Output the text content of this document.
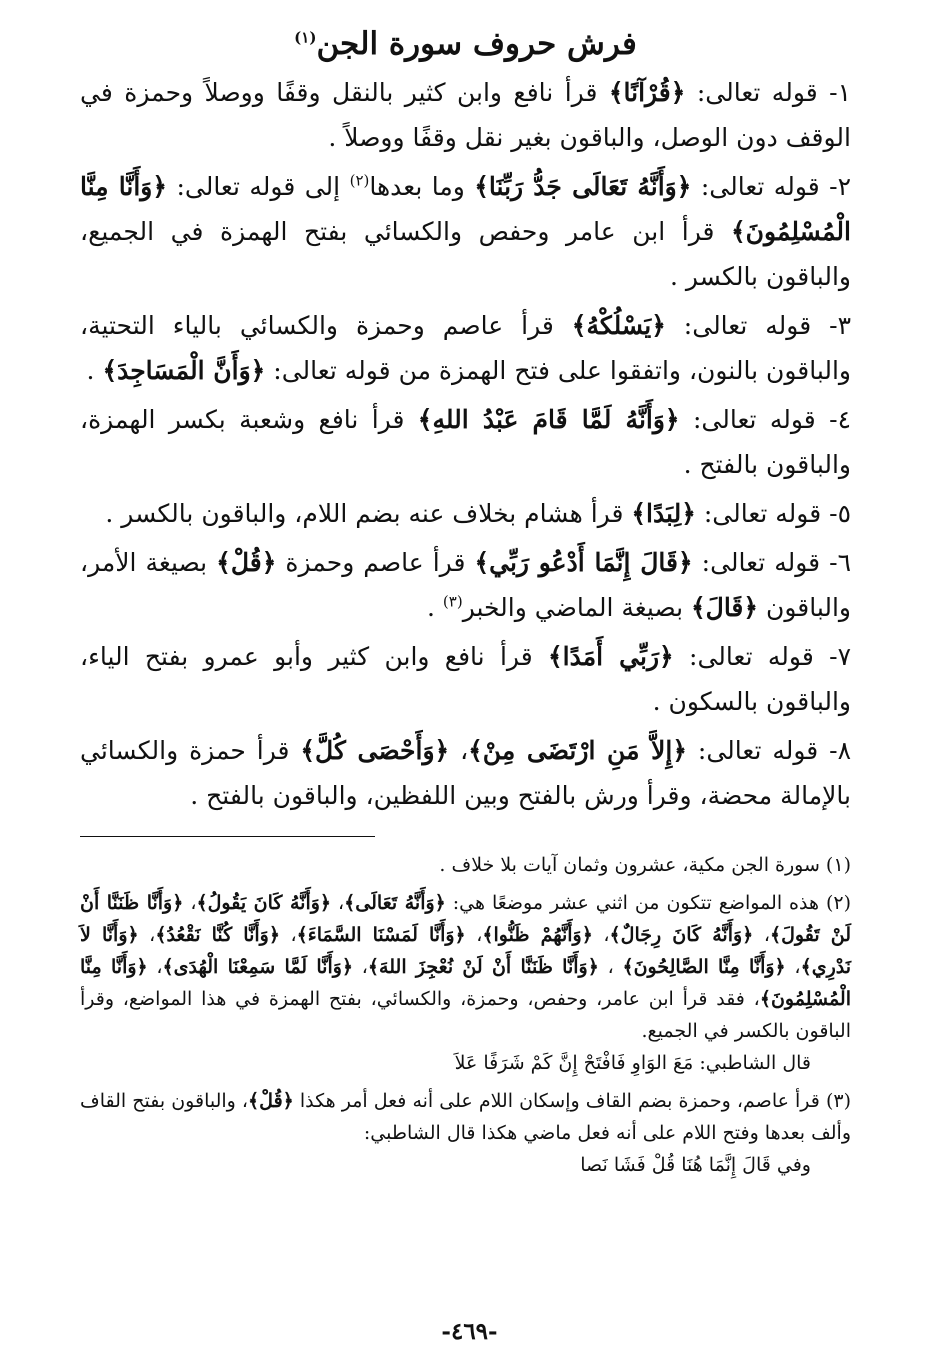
فرش حروف سورة الجن$^{(١)}$

١- قوله تعالى: ﴿قُرْآنًا﴾ قرأ نافع وابن كثير بالنقل وقفًا ووصلاً وحمزة في الوقف دون الوصل، والباقون بغير نقل وقفًا ووصلاً .

٢- قوله تعالى: ﴿وَأَنَّهُ تَعَالَى جَدُّ رَبِّنَا﴾ وما بعدها$^{(٢)}$ إلى قوله تعالى: ﴿وَأَنَّا مِنَّا الْمُسْلِمُونَ﴾ قرأ ابن عامر وحفص والكسائي بفتح الهمزة في الجميع، والباقون بالكسر .

٣- قوله تعالى: ﴿يَسْلُكْهُ﴾ قرأ عاصم وحمزة والكسائي بالياء التحتية، والباقون بالنون، واتفقوا على فتح الهمزة من قوله تعالى: ﴿وَأَنَّ الْمَسَاجِدَ﴾ .

٤- قوله تعالى: ﴿وَأَنَّهُ لَمَّا قَامَ عَبْدُ اللهِ﴾ قرأ نافع وشعبة بكسر الهمزة، والباقون بالفتح .

٥- قوله تعالى: ﴿لِبَدًا﴾ قرأ هشام بخلاف عنه بضم اللام، والباقون بالكسر .

٦- قوله تعالى: ﴿قَالَ إِنَّمَا أَدْعُو رَبِّي﴾ قرأ عاصم وحمزة ﴿قُلْ﴾ بصيغة الأمر، والباقون ﴿قَالَ﴾ بصيغة الماضي والخبر$^{(٣)}$ .

٧- قوله تعالى: ﴿رَبِّي أَمَدًا﴾ قرأ نافع وابن كثير وأبو عمرو بفتح الياء، والباقون بالسكون .

٨- قوله تعالى: ﴿إِلاَّ مَنِ ارْتَضَى مِنْ﴾، ﴿وَأَحْصَى كُلَّ﴾ قرأ حمزة والكسائي بالإمالة محضة، وقرأ ورش بالفتح وبين اللفظين، والباقون بالفتح .

(١) سورة الجن مكية، عشرون وثمان آيات بلا خلاف .

(٢) هذه المواضع تتكون من اثني عشر موضعًا هي: ﴿وَأَنَّهُ تَعَالَى﴾، ﴿وَأَنَّهُ كَانَ يَقُولُ﴾، ﴿وَأَنَّا ظَنَنَّا أَنْ لَنْ تَقُولَ﴾، ﴿وَأَنَّهُ كَانَ رِجَالٌ﴾، ﴿وَأَنَّهُمْ ظَنُّوا﴾، ﴿وَأَنَّا لَمَسْنَا السَّمَاءَ﴾، ﴿وَأَنَّا كُنَّا نَقْعُدُ﴾، ﴿وَأَنَّا لاَ نَدْرِي﴾، ﴿وَأَنَّا مِنَّا الصَّالِحُونَ﴾ ، ﴿وَأَنَّا ظَنَنَّا أَنْ لَنْ نُعْجِزَ اللهَ﴾، ﴿وَأَنَّا لَمَّا سَمِعْنَا الْهُدَى﴾، ﴿وَأَنَّا مِنَّا الْمُسْلِمُونَ﴾، فقد قرأ ابن عامر، وحفص، وحمزة، والكسائي، بفتح الهمزة في هذا المواضع، وقرأ الباقون بالكسر في الجميع.

قال الشاطبي: مَعَ الوَاوِ فَافْتَحْ إِنَّ كَمْ شَرَفًا عَلاَ

(٣) قرأ عاصم، وحمزة بضم القاف وإسكان اللام على أنه فعل أمر هكذا ﴿قُلْ﴾، والباقون بفتح القاف وألف بعدها وفتح اللام على أنه فعل ماضي هكذا قال الشاطبي:

وفي قَالَ إِنَّمَا هُنَا قُلْ فَشَا نَصا

-٤٦٩-
